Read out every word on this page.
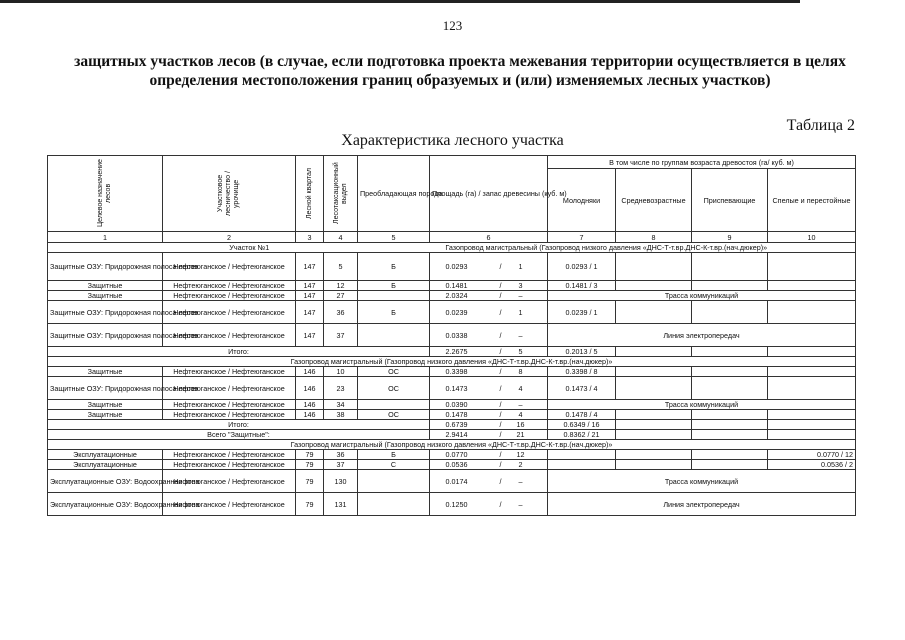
123
защитных участков лесов (в случае, если подготовка проекта межевания территории осуществляется в целях
определения местоположения границ образуемых и (или) изменяемых лесных участков)
Таблица 2
Характеристика лесного участка
Целевое назначение лесов	Участковое лесничество / урочище	Лесной квартал	Лесотаксационный выдел	Преобладающая порода	Площадь (га) / запас древесины (куб. м)	В том числе по группам возраста древостоя (га/ куб. м)			
						Молодняки	Средневозрастные	Приспевающие	Спелые и перестойные
1	2	3	4	5	6	7	8	9	10
Участок №1				Газопровод магистральный (Газопровод низкого давления «ДНС-Т-т.вр.ДНС-К-т.вр.(нач.дюкер)»					
Защитные ОЗУ: Придорожная полоса лесов	Нефтеюганское / Нефтеюганское	147	5	Б	0.0293 / 1	0.0293 / 1			
Защитные	Нефтеюганское / Нефтеюганское	147	12	Б	0.1481 / 3	0.1481 / 3			
Защитные	Нефтеюганское / Нефтеюганское	147	27		2.0324 / –	Трасса коммуникаций			
Защитные ОЗУ: Придорожная полоса лесов	Нефтеюганское / Нефтеюганское	147	36	Б	0.0239 / 1	0.0239 / 1			
Защитные ОЗУ: Придорожная полоса лесов	Нефтеюганское / Нефтеюганское	147	37		0.0338 / –	Линия электропередач			
Итого:					2.2675 / 5	0.2013 / 5			
Газопровод магистральный (Газопровод низкого давления «ДНС-Т-т.вр.ДНС-К-т.вр.(нач.дюкер)»									
Защитные	Нефтеюганское / Нефтеюганское	146	10	ОС	0.3398 / 8	0.3398 / 8			
Защитные ОЗУ: Придорожная полоса лесов	Нефтеюганское / Нефтеюганское	146	23	ОС	0.1473 / 4	0.1473 / 4			
Защитные	Нефтеюганское / Нефтеюганское	146	34		0.0390 / –	Трасса коммуникаций			
Защитные	Нефтеюганское / Нефтеюганское	146	38	ОС	0.1478 / 4	0.1478 / 4			
Итого:					0.6739 / 16	0.6349 / 16			
Всего "Защитные":					2.9414 / 21	0.8362 / 21			
Газопровод магистральный (Газопровод низкого давления «ДНС-Т-т.вр.ДНС-К-т.вр.(нач.дюкер)»									
Эксплуатационные	Нефтеюганское / Нефтеюганское	79	36	Б	0.0770 / 12				0.0770 / 12
Эксплуатационные	Нефтеюганское / Нефтеюганское	79	37	С	0.0536 / 2				0.0536 / 2
Эксплуатационные ОЗУ: Водоохранная зона	Нефтеюганское / Нефтеюганское	79	130		0.0174 / –	Трасса коммуникаций			
Эксплуатационные ОЗУ: Водоохранная зона	Нефтеюганское / Нефтеюганское	79	131		0.1250 / –	Линия электропередач			
